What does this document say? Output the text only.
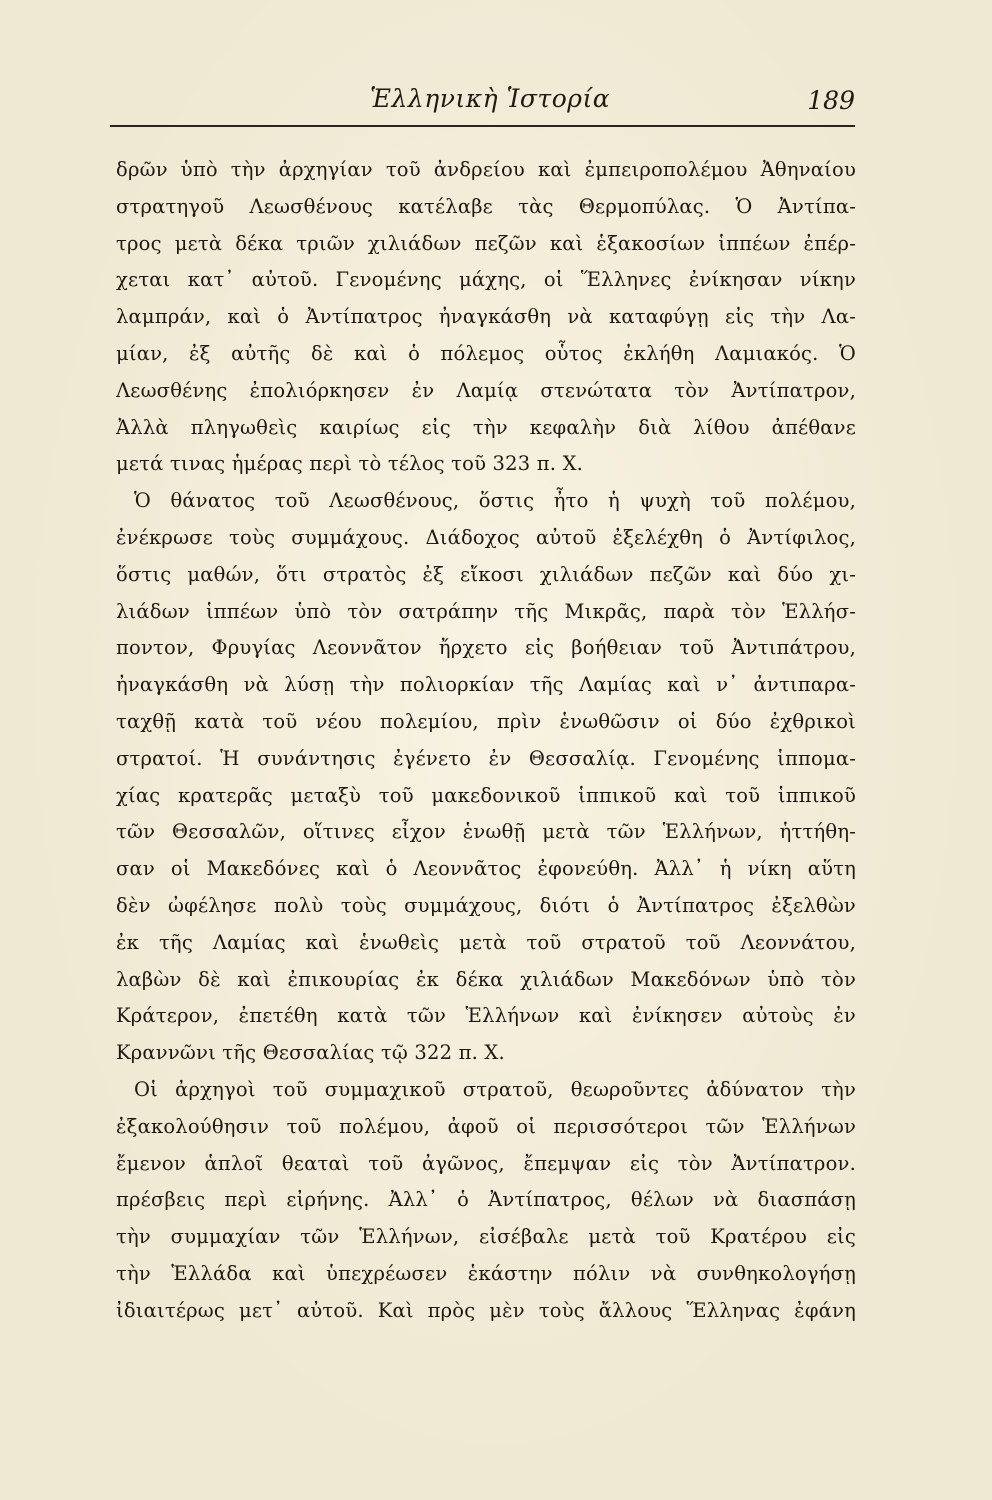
Ἑλληνικὴ Ἱστορία	189
δρῶν ὑπὸ τὴν ἀρχηγίαν τοῦ ἀνδρείου καὶ ἐμπειροπολέμου Ἀθηναίου
στρατηγοῦ Λεωσθένους κατέλαβε τὰς Θερμοπύλας. Ὁ Ἀντίπα-
τρος μετὰ δέκα τριῶν χιλιάδων πεζῶν καὶ ἑξακοσίων ἱππέων ἐπέρ-
χεται κατ᾽ αὐτοῦ. Γενομένης μάχης, οἱ Ἕλληνες ἐνίκησαν νίκην
λαμπράν, καὶ ὁ Ἀντίπατρος ἠναγκάσθη νὰ καταφύγῃ εἰς τὴν Λα-
μίαν, ἐξ αὐτῆς δὲ καὶ ὁ πόλεμος οὗτος ἐκλήθη Λαμιακός. Ὁ
Λεωσθένης ἐπολιόρκησεν ἐν Λαμίᾳ στενώτατα τὸν Ἀντίπατρον,
Ἀλλὰ πληγωθεὶς καιρίως εἰς τὴν κεφαλὴν διὰ λίθου ἀπέθανε
μετά τινας ἡμέρας περὶ τὸ τέλος τοῦ 323 π. Χ.
Ὁ θάνατος τοῦ Λεωσθένους, ὅστις ἦτο ἡ ψυχὴ τοῦ πολέμου,
ἐνέκρωσε τοὺς συμμάχους. Διάδοχος αὐτοῦ ἐξελέχθη ὁ Ἀντίφιλος,
ὅστις μαθών, ὅτι στρατὸς ἐξ εἴκοσι χιλιάδων πεζῶν καὶ δύο χι-
λιάδων ἱππέων ὑπὸ τὸν σατράπην τῆς Μικρᾶς, παρὰ τὸν Ἑλλήσ-
ποντον, Φρυγίας Λεοννᾶτον ἤρχετο εἰς βοήθειαν τοῦ Ἀντιπάτρου,
ἠναγκάσθη νὰ λύσῃ τὴν πολιορκίαν τῆς Λαμίας καὶ ν᾽ ἀντιπαρα-
ταχθῇ κατὰ τοῦ νέου πολεμίου, πρὶν ἑνωθῶσιν οἱ δύο ἐχθρικοὶ
στρατοί. Ἡ συνάντησις ἐγένετο ἐν Θεσσαλίᾳ. Γενομένης ἱππομα-
χίας κρατερᾶς μεταξὺ τοῦ μακεδονικοῦ ἱππικοῦ καὶ τοῦ ἱππικοῦ
τῶν Θεσσαλῶν, οἵτινες εἶχον ἑνωθῇ μετὰ τῶν Ἑλλήνων, ἡττήθη-
σαν οἱ Μακεδόνες καὶ ὁ Λεοννᾶτος ἐφονεύθη. Ἀλλ᾽ ἡ νίκη αὕτη
δὲν ὠφέλησε πολὺ τοὺς συμμάχους, διότι ὁ Ἀντίπατρος ἐξελθὼν
ἐκ τῆς Λαμίας καὶ ἑνωθεὶς μετὰ τοῦ στρατοῦ τοῦ Λεοννάτου,
λαβὼν δὲ καὶ ἐπικουρίας ἐκ δέκα χιλιάδων Μακεδόνων ὑπὸ τὸν
Κράτερον, ἐπετέθη κατὰ τῶν Ἑλλήνων καὶ ἐνίκησεν αὐτοὺς ἐν
Κραννῶνι τῆς Θεσσαλίας τῷ 322 π. Χ.
Οἱ ἀρχηγοὶ τοῦ συμμαχικοῦ στρατοῦ, θεωροῦντες ἀδύνατον τὴν
ἐξακολούθησιν τοῦ πολέμου, ἀφοῦ οἱ περισσότεροι τῶν Ἑλλήνων
ἔμενον ἁπλοῖ θεαταὶ τοῦ ἀγῶνος, ἔπεμψαν εἰς τὸν Ἀντίπατρον.
πρέσβεις περὶ εἰρήνης. Ἀλλ᾽ ὁ Ἀντίπατρος, θέλων νὰ διασπάσῃ
τὴν συμμαχίαν τῶν Ἑλλήνων, εἰσέβαλε μετὰ τοῦ Κρατέρου εἰς
τὴν Ἑλλάδα καὶ ὑπεχρέωσεν ἑκάστην πόλιν νὰ συνθηκολογήσῃ
ἰδιαιτέρως μετ᾽ αὐτοῦ. Καὶ πρὸς μὲν τοὺς ἄλλους Ἕλληνας ἐφάνη
